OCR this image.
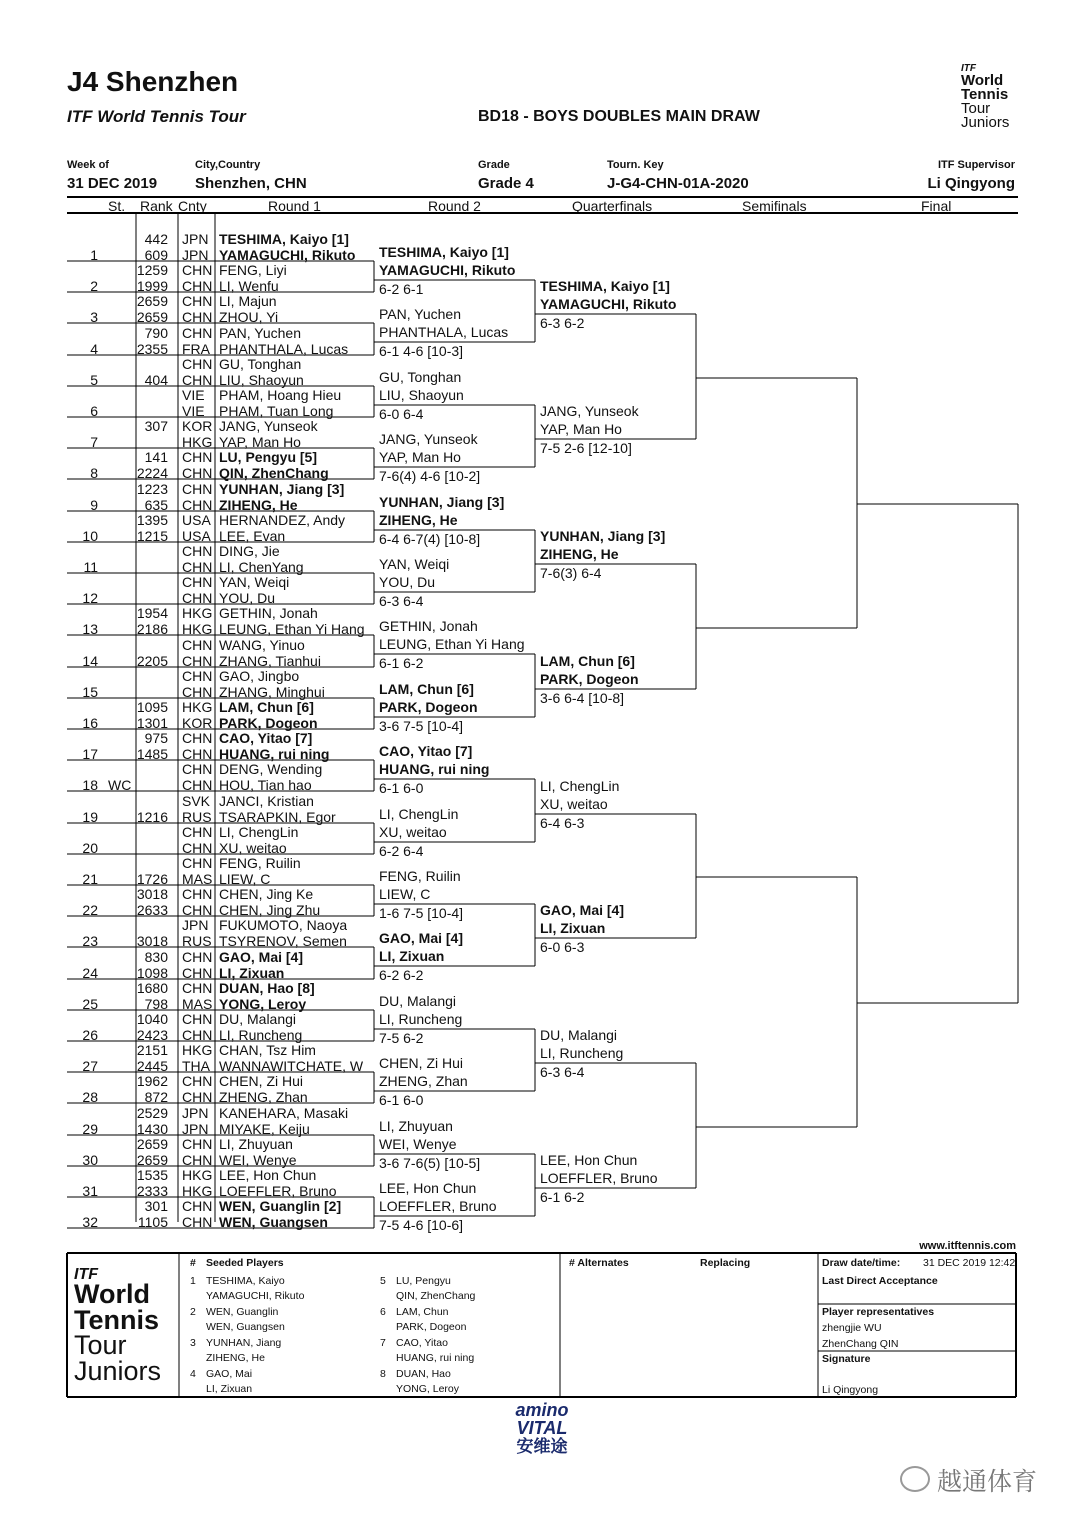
J4 Shenzhen
ITF World Tennis Tour	BD18 - BOYS DOUBLES MAIN DRAW
ITF
World
Tennis
Tour
Juniors
Week of
31 DEC 2019
City,Country
Shenzhen, CHN
Grade
Grade 4
Tourn. Key
J-G4-CHN-01A-2020
ITF Supervisor
Li Qingyong
St. Rank Cnty	Round 1	Round 2	Quarterfinals	Semifinals	Final
1
442 JPN TESHIMA, Kaiyo [1]
609 JPN YAMAGUCHI, Rikuto
2
1259 CHN FENG, Liyi
1999 CHN LI, Wenfu
3
2659 CHN LI, Majun
2659 CHN ZHOU, Yi
4
790 CHN PAN, Yuchen
2355 FRA PHANTHALA, Lucas
5
CHN GU, Tonghan
404 CHN LIU, Shaoyun
6
VIE PHAM, Hoang Hieu
VIE PHAM, Tuan Long
7
307 KOR JANG, Yunseok
HKG YAP, Man Ho
8
141 CHN LU, Pengyu [5]
2224 CHN QIN, ZhenChang
9
1223 CHN YUNHAN, Jiang [3]
635 CHN ZIHENG, He
10
1395 USA HERNANDEZ, Andy
1215 USA LEE, Evan
11
CHN DING, Jie
CHN LI, ChenYang
12
CHN YAN, Weiqi
CHN YOU, Du
13
1954 HKG GETHIN, Jonah
2186 HKG LEUNG, Ethan Yi Hang
14
CHN WANG, Yinuo
2205 CHN ZHANG, Tianhui
15
CHN GAO, Jingbo
CHN ZHANG, Minghui
16
1095 HKG LAM, Chun [6]
1301 KOR PARK, Dogeon
17
975 CHN CAO, Yitao [7]
1485 CHN HUANG, rui ning
18 WC
CHN DENG, Wending
CHN HOU, Tian hao
19
SVK JANCI, Kristian
1216 RUS TSARAPKIN, Egor
20
CHN LI, ChengLin
CHN XU, weitao
21
CHN FENG, Ruilin
1726 MAS LIEW, C
22
3018 CHN CHEN, Jing Ke
2633 CHN CHEN, Jing Zhu
23
JPN FUKUMOTO, Naoya
3018 RUS TSYRENOV, Semen
24
830 CHN GAO, Mai [4]
1098 CHN LI, Zixuan
25
1680 CHN DUAN, Hao [8]
798 MAS YONG, Leroy
26
1040 CHN DU, Malangi
2423 CHN LI, Runcheng
27
2151 HKG CHAN, Tsz Him
2445 THA WANNAWITCHATE, W
28
1962 CHN CHEN, Zi Hui
872 CHN ZHENG, Zhan
29
2529 JPN KANEHARA, Masaki
1430 JPN MIYAKE, Keiju
30
2659 CHN LI, Zhuyuan
2659 CHN WEI, Wenye
31
1535 HKG LEE, Hon Chun
2333 HKG LOEFFLER, Bruno
32
301 CHN WEN, Guanglin [2]
1105 CHN WEN, Guangsen
TESHIMA, Kaiyo [1]
YAMAGUCHI, Rikuto
6-2 6-1
PAN, Yuchen
PHANTHALA, Lucas
6-1 4-6 [10-3]
GU, Tonghan
LIU, Shaoyun
6-0 6-4
JANG, Yunseok
YAP, Man Ho
7-6(4) 4-6 [10-2]
YUNHAN, Jiang [3]
ZIHENG, He
6-4 6-7(4) [10-8]
YAN, Weiqi
YOU, Du
6-3 6-4
GETHIN, Jonah
LEUNG, Ethan Yi Hang
6-1 6-2
LAM, Chun [6]
PARK, Dogeon
3-6 7-5 [10-4]
CAO, Yitao [7]
HUANG, rui ning
6-1 6-0
LI, ChengLin
XU, weitao
6-2 6-4
FENG, Ruilin
LIEW, C
1-6 7-5 [10-4]
GAO, Mai [4]
LI, Zixuan
6-2 6-2
DU, Malangi
LI, Runcheng
7-5 6-2
CHEN, Zi Hui
ZHENG, Zhan
6-1 6-0
LI, Zhuyuan
WEI, Wenye
3-6 7-6(5) [10-5]
LEE, Hon Chun
LOEFFLER, Bruno
7-5 4-6 [10-6]
TESHIMA, Kaiyo [1]
YAMAGUCHI, Rikuto
6-3 6-2
JANG, Yunseok
YAP, Man Ho
7-5 2-6 [12-10]
YUNHAN, Jiang [3]
ZIHENG, He
7-6(3) 6-4
LAM, Chun [6]
PARK, Dogeon
3-6 6-4 [10-8]
LI, ChengLin
XU, weitao
6-4 6-3
GAO, Mai [4]
LI, Zixuan
6-0 6-3
DU, Malangi
LI, Runcheng
6-3 6-4
LEE, Hon Chun
LOEFFLER, Bruno
6-1 6-2
www.itftennis.com
ITF
World
Tennis
Tour
Juniors
# Seeded Players
1 TESHIMA, Kaiyo
YAMAGUCHI, Rikuto
2 WEN, Guanglin
WEN, Guangsen
3 YUNHAN, Jiang
ZIHENG, He
4 GAO, Mai
LI, Zixuan
5 LU, Pengyu
QIN, ZhenChang
6 LAM, Chun
PARK, Dogeon
7 CAO, Yitao
HUANG, rui ning
8 DUAN, Hao
YONG, Leroy
# Alternates	Replacing	Draw date/time: 31 DEC 2019 12:42
Last Direct Acceptance
Player representatives
zhengjie WU
ZhenChang QIN
Signature
Li Qingyong
amino
VITAL
安维途
越通体育
